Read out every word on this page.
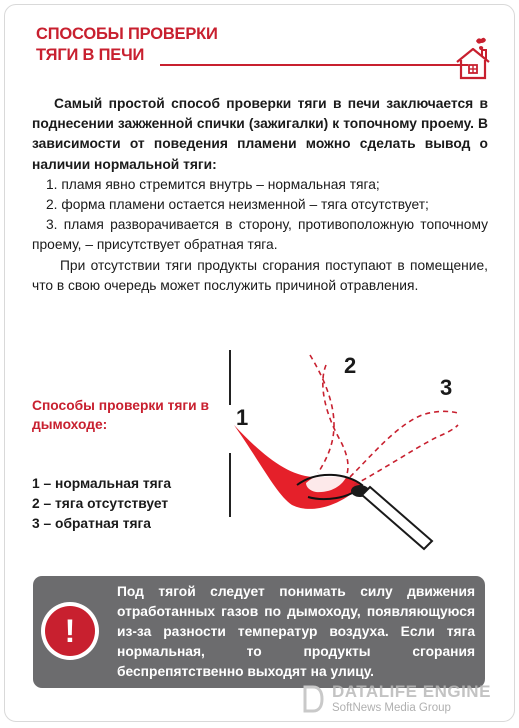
СПОСОБЫ ПРОВЕРКИ
ТЯГИ В ПЕЧИ

Самый простой способ проверки тяги в печи заключается в поднесении зажженной спички (зажигалки) к топочному проему. В зависимости от поведения пламени можно сделать вывод о наличии нормальной тяги:

1. пламя явно стремится внутрь – нормальная тяга;

2. форма пламени остается неизменной – тяга отсутствует;

3. пламя разворачивается в сторону, противоположную топочному проему, – присутствует обратная тяга.

При отсутствии тяги продукты сгорания поступают в помещение, что в свою очередь может послужить причиной отравления.

Способы проверки тяги в дымоходе:
1 – нормальная тяга
2 – тяга отсутствует
3 – обратная тяга
1
2
3
!
Под тягой следует понимать силу движения отработанных газов по дымоходу, появляющуюся из-за разности температур воздуха. Если тяга нормальная, то продукты сгорания беспрепятственно выходят на улицу.
DATALIFE ENGINE
SoftNews Media Group
